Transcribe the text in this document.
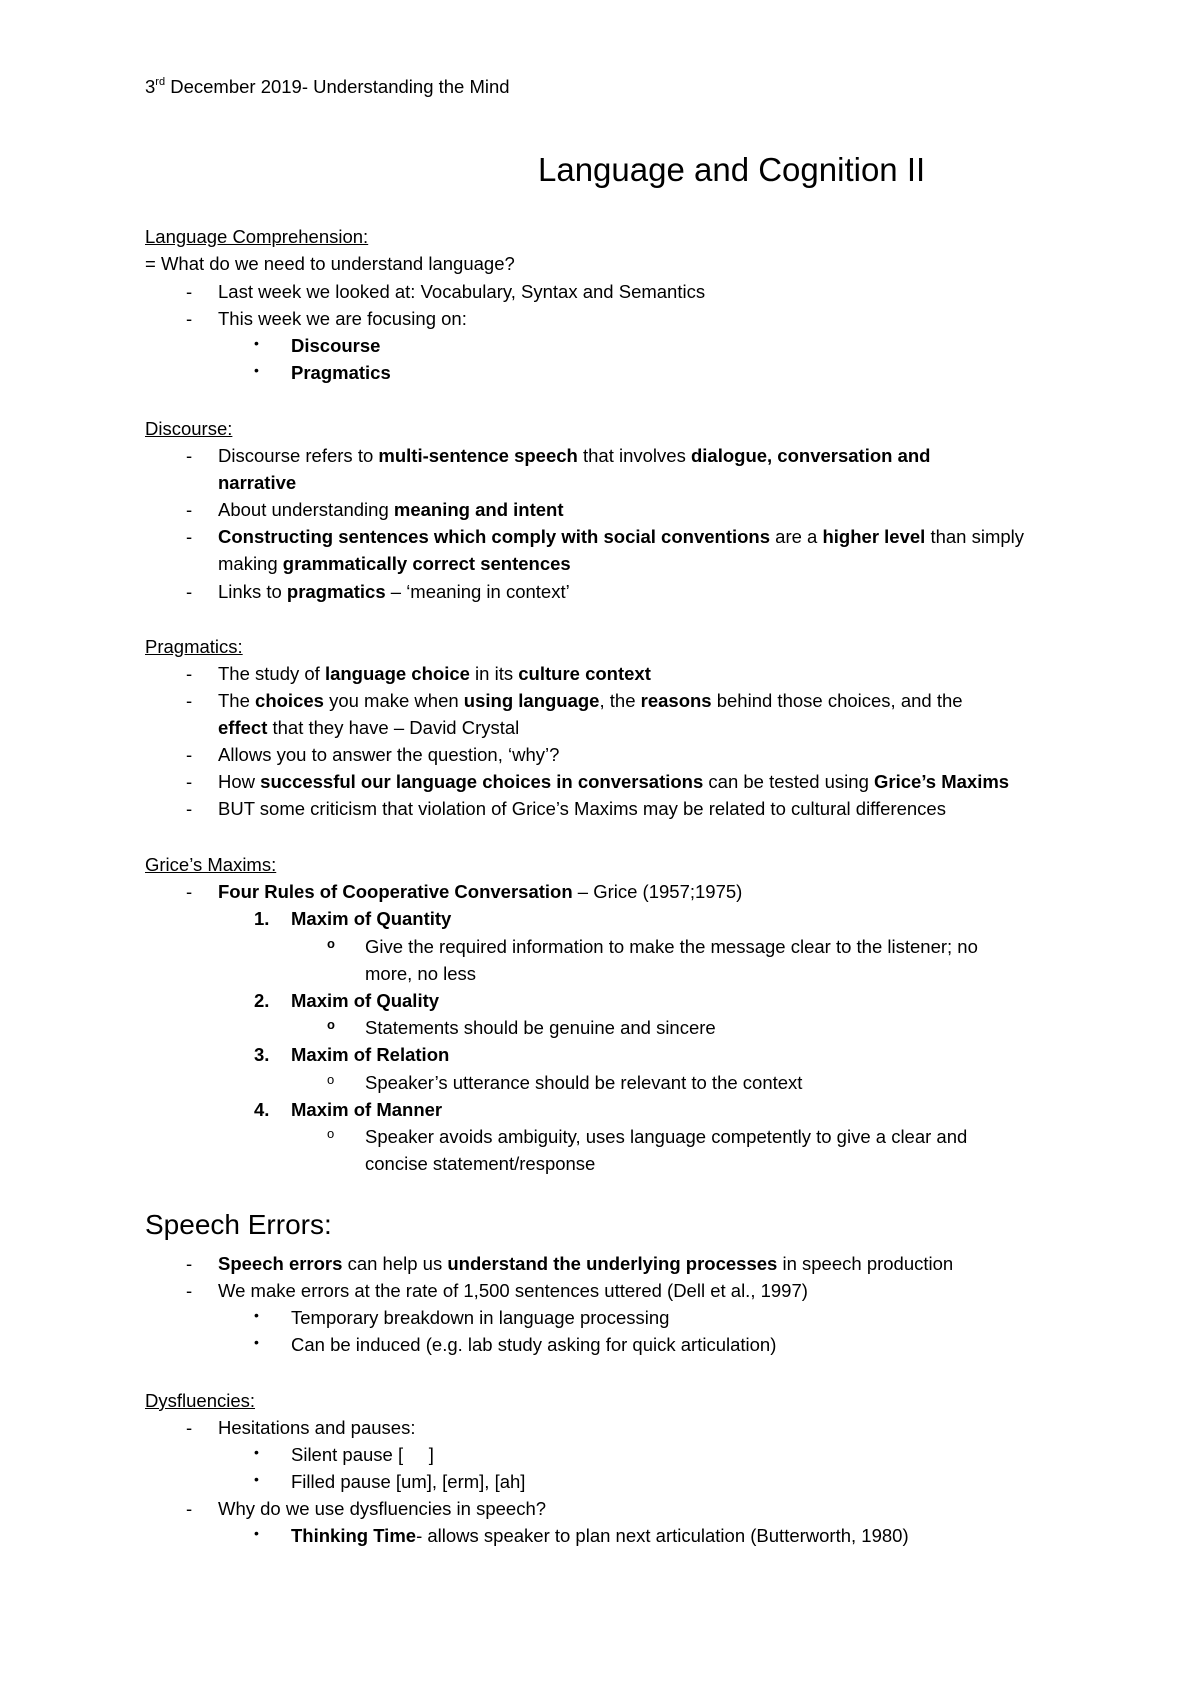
3rd December 2019- Understanding the Mind
Language and Cognition II
Language Comprehension:
= What do we need to understand language?
- Last week we looked at: Vocabulary, Syntax and Semantics
- This week we are focusing on:
• Discourse
• Pragmatics
Discourse:
- Discourse refers to multi-sentence speech that involves dialogue, conversation and
narrative
- About understanding meaning and intent
- Constructing sentences which comply with social conventions are a higher level than simply
making grammatically correct sentences
- Links to pragmatics – ‘meaning in context’
Pragmatics:
- The study of language choice in its culture context
- The choices you make when using language, the reasons behind those choices, and the
effect that they have – David Crystal
- Allows you to answer the question, ‘why’?
- How successful our language choices in conversations can be tested using Grice’s Maxims
- BUT some criticism that violation of Grice’s Maxims may be related to cultural differences
Grice’s Maxims:
- Four Rules of Cooperative Conversation – Grice (1957;1975)
1. Maxim of Quantity
o Give the required information to make the message clear to the listener; no
more, no less
2. Maxim of Quality
o Statements should be genuine and sincere
3. Maxim of Relation
o Speaker’s utterance should be relevant to the context
4. Maxim of Manner
o Speaker avoids ambiguity, uses language competently to give a clear and
concise statement/response
Speech Errors:
- Speech errors can help us understand the underlying processes in speech production
- We make errors at the rate of 1,500 sentences uttered (Dell et al., 1997)
• Temporary breakdown in language processing
• Can be induced (e.g. lab study asking for quick articulation)
Dysfluencies:
- Hesitations and pauses:
• Silent pause [     ]
• Filled pause [um], [erm], [ah]
- Why do we use dysfluencies in speech?
• Thinking Time- allows speaker to plan next articulation (Butterworth, 1980)
